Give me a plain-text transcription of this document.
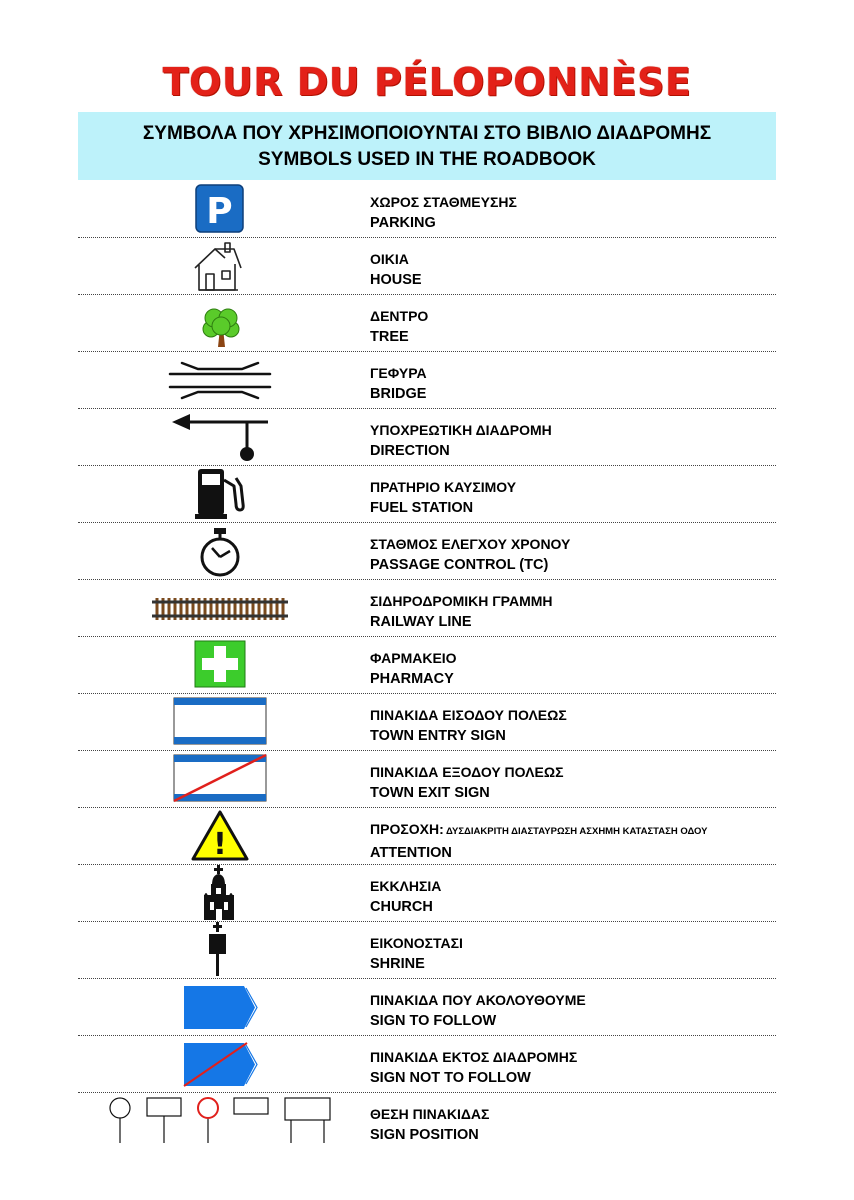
TOUR DU PÉLOPONNÈSE
ΣΥΜΒΟΛΑ ΠΟΥ ΧΡΗΣΙΜΟΠΟΙΟΥΝΤΑΙ ΣΤΟ ΒΙΒΛΙΟ ΔΙΑΔΡΟΜΗΣ
SYMBOLS USED IN THE ROADBOOK
P	ΧΩΡΟΣ ΣΤΑΘΜΕΥΣΗΣ
PARKING
ΟΙΚΙΑ
HOUSE
ΔΕΝΤΡΟ
TREE
ΓΕΦΥΡΑ
BRIDGE
ΥΠΟΧΡΕΩΤΙΚΗ ΔΙΑΔΡΟΜΗ
DIRECTION
ΠΡΑΤΗΡΙΟ ΚΑΥΣΙΜΟΥ
FUEL STATION
ΣΤΑΘΜΟΣ ΕΛΕΓΧΟΥ ΧΡΟΝΟΥ
PASSAGE CONTROL (TC)
ΣΙΔΗΡΟΔΡΟΜΙΚΗ ΓΡΑΜΜΗ
RAILWAY LINE
ΦΑΡΜΑΚΕΙΟ
PHARMACY
ΠΙΝΑΚΙΔΑ ΕΙΣΟΔΟΥ ΠΟΛΕΩΣ
TOWN ENTRY SIGN
ΠΙΝΑΚΙΔΑ ΕΞΟΔΟΥ ΠΟΛΕΩΣ
TOWN EXIT SIGN
!	ΠΡΟΣΟΧΗ: ΔΥΣΔΙΑΚΡΙΤΗ ΔΙΑΣΤΑΥΡΩΣΗ ΑΣΧΗΜΗ ΚΑΤΑΣΤΑΣΗ ΟΔΟΥ
ATTENTION
ΕΚΚΛΗΣΙΑ
CHURCH
ΕΙΚΟΝΟΣΤΑΣΙ
SHRINE
ΠΙΝΑΚΙΔΑ ΠΟΥ ΑΚΟΛΟΥΘΟΥΜΕ
SIGN TO FOLLOW
ΠΙΝΑΚΙΔΑ ΕΚΤΟΣ ΔΙΑΔΡΟΜΗΣ
SIGN NOT TO FOLLOW
ΘΕΣΗ ΠΙΝΑΚΙΔΑΣ
SIGN POSITION
